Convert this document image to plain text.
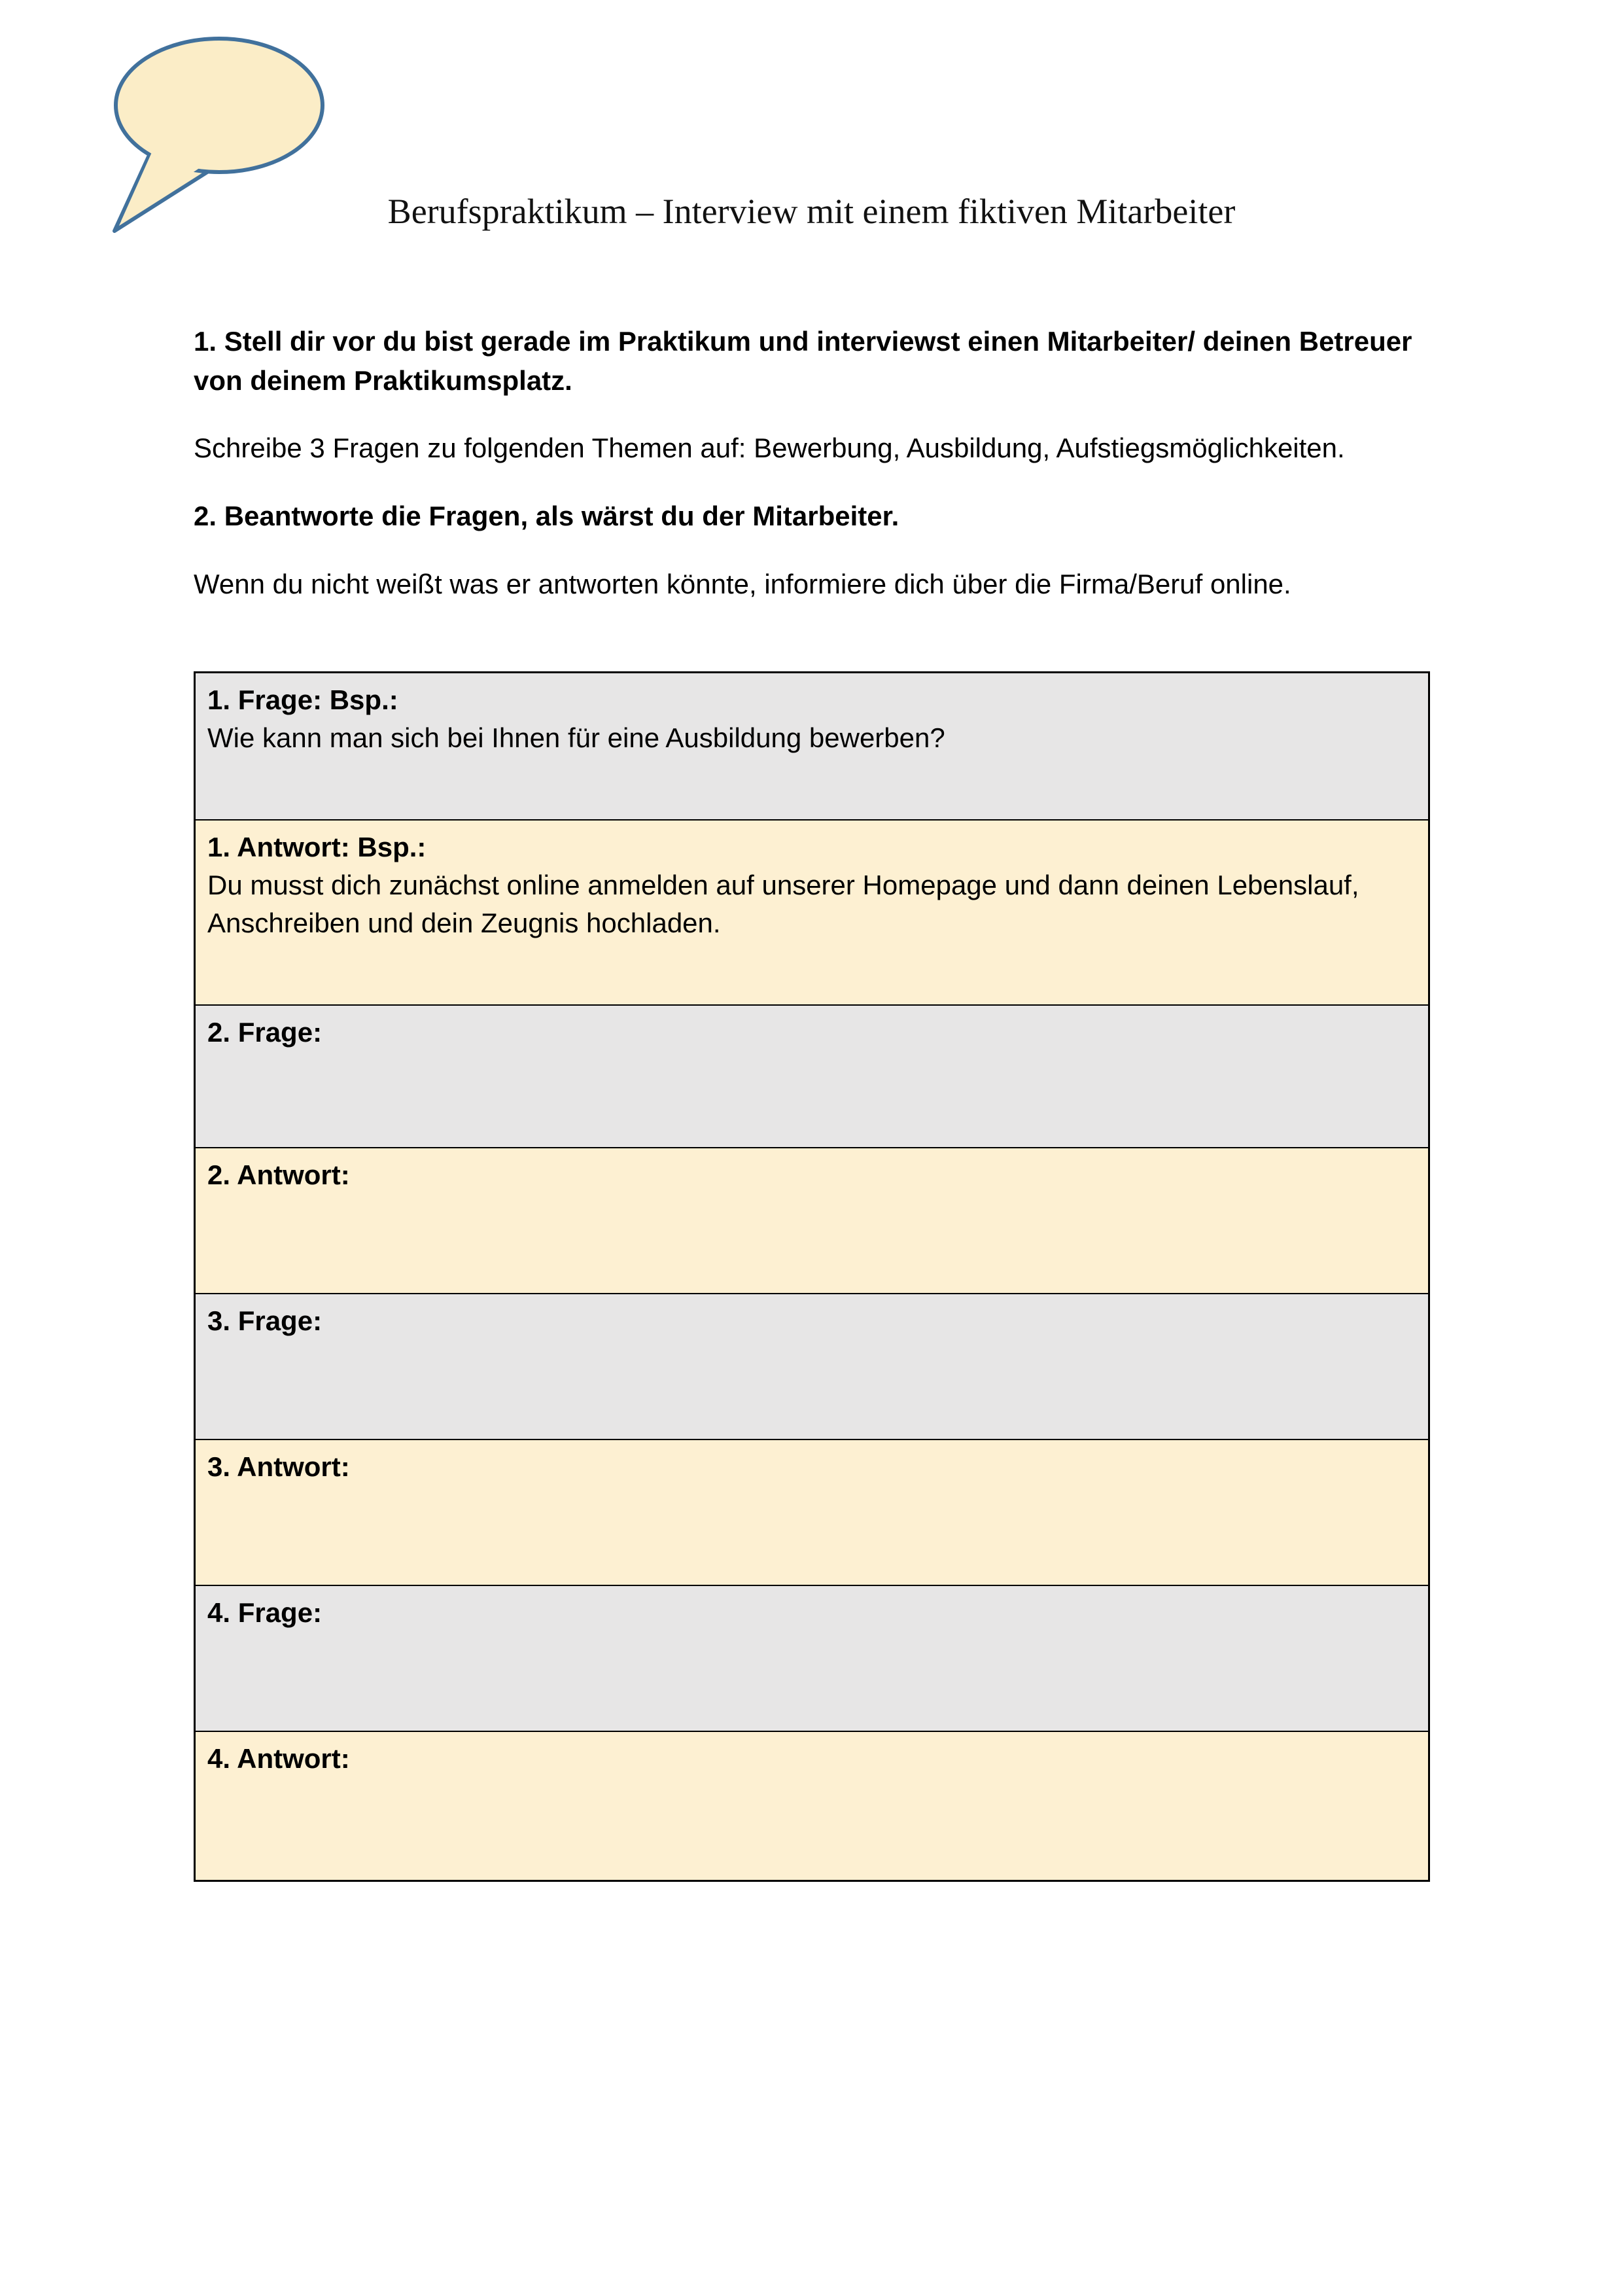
Berufspraktikum – Interview mit einem fiktiven Mitarbeiter

1. Stell dir vor du bist gerade im Praktikum und interviewst einen Mitarbeiter/ deinen Betreuer von deinem Praktikumsplatz.

Schreibe 3 Fragen zu folgenden Themen auf: Bewerbung, Ausbildung, Aufstiegsmöglichkeiten.

2. Beantworte die Fragen, als wärst du der Mitarbeiter.

Wenn du nicht weißt was er antworten könnte, informiere dich über die Firma/Beruf online.

1. Frage: Bsp.:
Wie kann man sich bei Ihnen für eine Ausbildung bewerben?
1. Antwort: Bsp.:
Du musst dich zunächst online anmelden auf unserer Homepage und dann deinen Lebenslauf, Anschreiben und dein Zeugnis hochladen.
2. Frage:
2. Antwort:
3. Frage:
3. Antwort:
4. Frage:
4. Antwort:
